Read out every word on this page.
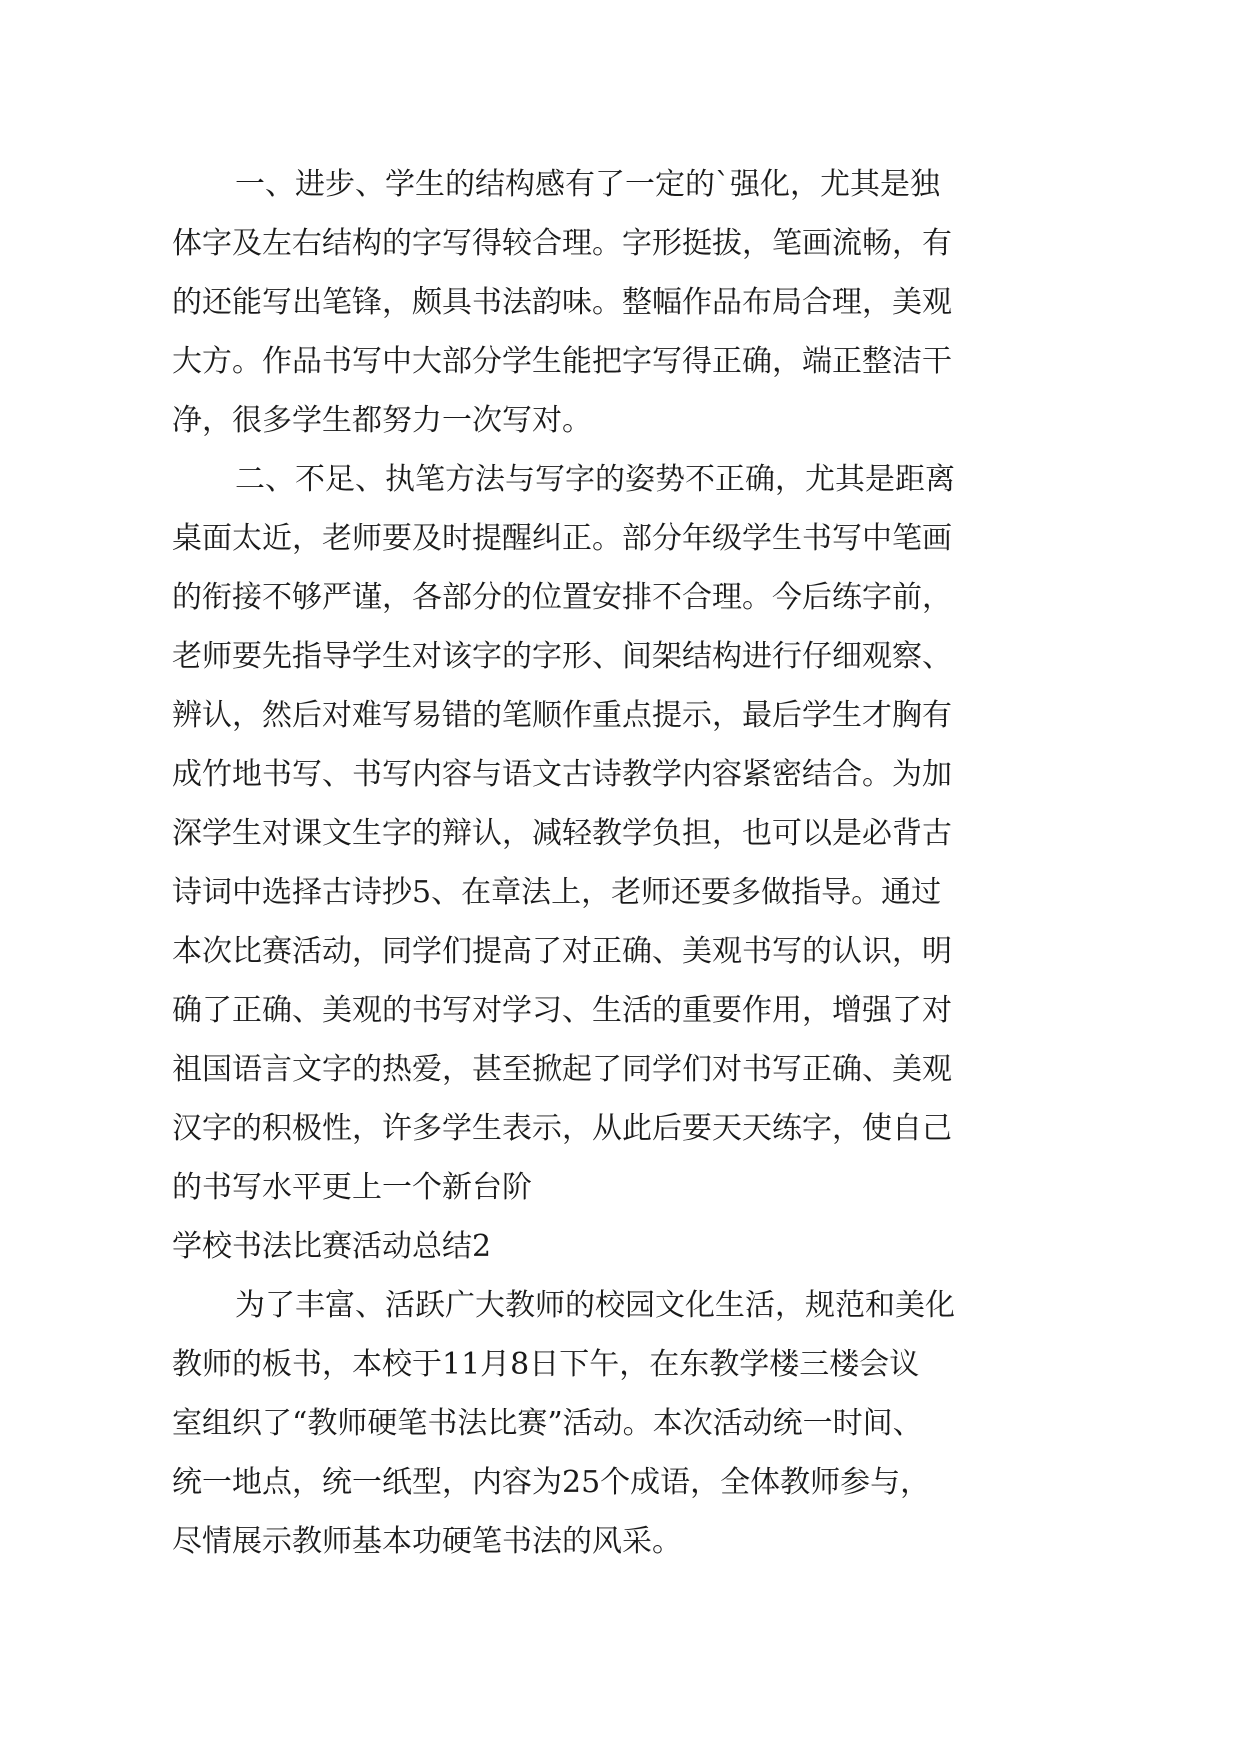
一、进步、学生的结构感有了一定的`强化，尤其是独
体字及左右结构的字写得较合理。字形挺拔，笔画流畅，有
的还能写出笔锋，颇具书法韵味。整幅作品布局合理，美观
大方。作品书写中大部分学生能把字写得正确，端正整洁干
净，很多学生都努力一次写对。
二、不足、执笔方法与写字的姿势不正确，尤其是距离
桌面太近，老师要及时提醒纠正。部分年级学生书写中笔画
的衔接不够严谨，各部分的位置安排不合理。今后练字前，
老师要先指导学生对该字的字形、间架结构进行仔细观察、
辨认，然后对难写易错的笔顺作重点提示，最后学生才胸有
成竹地书写、书写内容与语文古诗教学内容紧密结合。为加
深学生对课文生字的辩认，减轻教学负担，也可以是必背古
诗词中选择古诗抄5、在章法上，老师还要多做指导。通过
本次比赛活动，同学们提高了对正确、美观书写的认识，明
确了正确、美观的书写对学习、生活的重要作用，增强了对
祖国语言文字的热爱，甚至掀起了同学们对书写正确、美观
汉字的积极性，许多学生表示，从此后要天天练字，使自己
的书写水平更上一个新台阶
学校书法比赛活动总结2
为了丰富、活跃广大教师的校园文化生活，规范和美化
教师的板书，本校于11月8日下午，在东教学楼三楼会议
室组织了“教师硬笔书法比赛”活动。本次活动统一时间、
统一地点，统一纸型，内容为25个成语，全体教师参与，
尽情展示教师基本功硬笔书法的风采。
